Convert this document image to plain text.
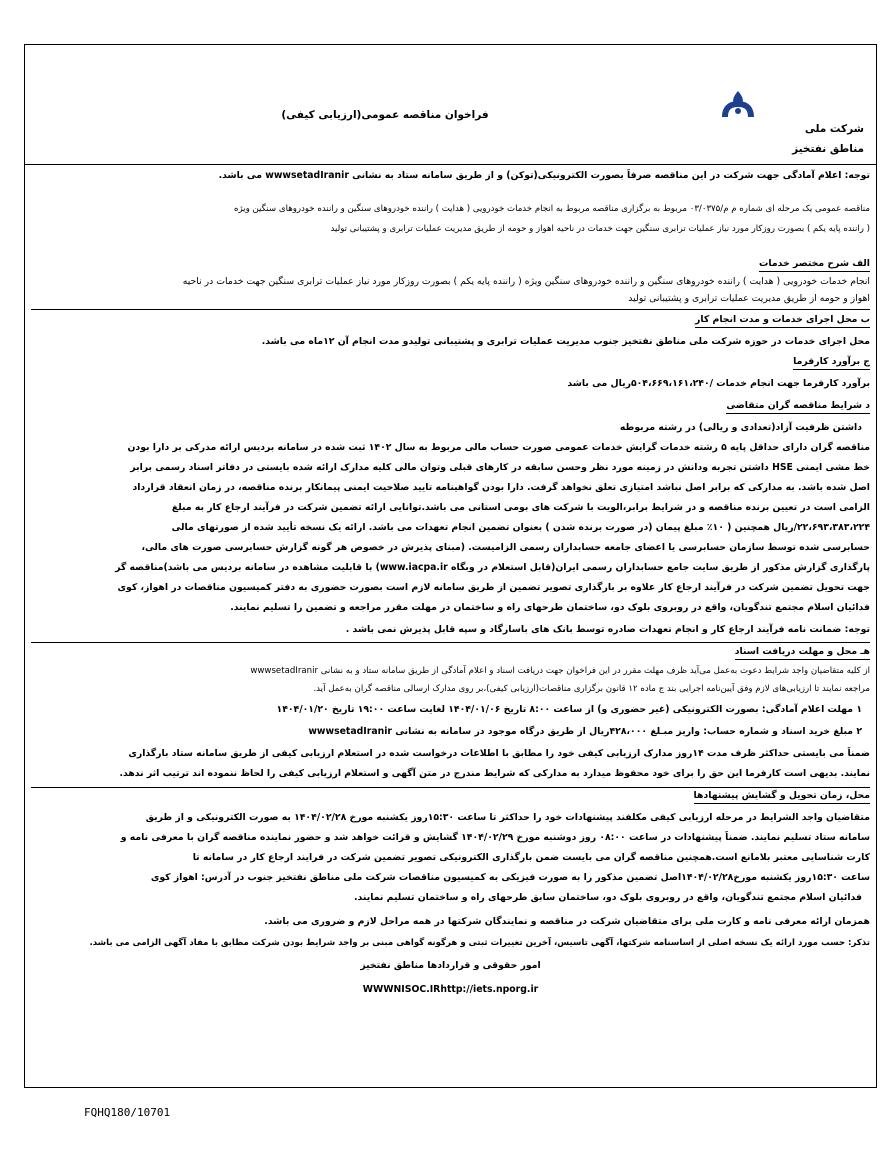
شرکت ملی
مناطق نفتخیز
فراخوان مناقصه عمومی(ارزیابی کیفی)
توجه: اعلام آمادگی جهت شرکت در این مناقصه صرفاً بصورت الکترونیکی(توکن) و از طریق سامانه ستاد به نشانی wwwsetadIranir می باشد.
مناقصه عمومی یک مرحله ای شماره م م/۰۳/۰۳۷۵ مربوط به برگزاری مناقصه مربوط به انجام خدمات خودرویی ( هدایت ) راننده خودروهای سنگین و راننده خودروهای سنگین ویژه
( راننده پایه یکم ) بصورت روزکار مورد نیاز عملیات ترابری سنگین جهت خدمات در ناحیه اهواز و حومه از طریق مدیریت عملیات ترابری و پشتیبانی تولید
الف شرح مختصر خدمات
انجام خدمات خودرویی ( هدایت ) راننده خودروهای سنگین و راننده خودروهای سنگین ویژه ( راننده پایه یکم ) بصورت روزکار مورد نیاز عملیات ترابری سنگین جهت خدمات در ناحیه
اهواز و حومه از طریق مدیریت عملیات ترابری و پشتیبانی تولید
ب محل اجرای خدمات و مدت انجام کار
محل اجرای خدمات در حوزه شرکت ملی مناطق نفتخیز جنوب مدیریت عملیات ترابری و پشتیبانی تولیدو مدت انجام آن ۱۲ماه می باشد.
ج برآورد کارفرما
برآورد کارفرما جهت انجام خدمات /۵۰۴،۶۶۹،۱۶۱،۲۴۰ریال می باشد
د شرایط مناقصه گران متقاضی
داشتن ظرفیت آزاد(تعدادی و ریالی) در رشته مربوطه
مناقصه گران دارای حداقل پایه ۵ رشته خدمات گرایش خدمات عمومی صورت حساب مالی مربوط به سال ۱۴۰۲ ثبت شده در سامانه بردیس ارائه مدرکی بر دارا بودن
خط مشی ایمنی HSE داشتن تجربه ودانش در زمینه مورد نظر وحسن سابقه در کارهای قبلی وتوان مالی کلیه مدارک ارائه شده بایستی در دفاتر اسناد رسمی برابر
اصل شده باشد. به مدارکی که برابر اصل نباشد امتیازی تعلق نخواهد گرفت. دارا بودن گواهینامه تایید صلاحیت ایمنی پیمانکار برنده مناقصه، در زمان انعقاد قرارداد
الزامی است در تعیین برنده مناقصه و در شرایط برابر،الویت با شرکت های بومی استانی می باشد.توانایی ارائه تضمین شرکت در فرآیند ارجاع کار به مبلغ
۲۲،۶۹۳،۳۸۳،۲۲۴/ریال همچنین ( ۱۰٪ مبلغ پیمان (در صورت برنده شدن ) بعنوان تضمین انجام تعهدات می باشد. ارائه یک نسخه تأیید شده از صورتهای مالی
حسابرسی شده توسط سازمان حسابرسی یا اعضای جامعه حسابداران رسمی الزامیست. (مبنای پذیرش در خصوص هر گونه گزارش حسابرسی صورت های مالی،
پارگذاری گزارش مذکور از طریق سایت جامع حسابداران رسمی ایران(قابل استعلام در وبگاه www.iacpa.ir) با قابلیت مشاهده در سامانه بردیس می باشد)مناقصه گر
جهت تحویل تضمین شرکت در فرآیند ارجاع کار علاوه بر بارگذاری تصویر تضمین از طریق سامانه لازم است بصورت حضوری به دفتر کمیسیون مناقصات در اهواز، کوی
فدائیان اسلام مجتمع تندگویان، واقع در روبروی بلوک دو، ساختمان طرحهای راه و ساختمان در مهلت مقرر مراجعه و تضمین را تسلیم نمایند.
توجه: ضمانت نامه فرآیند ارجاع کار و انجام تعهدات صادره توسط بانک های باسارگاد و سپه قابل پذیرش نمی باشد .
هـ محل و مهلت دریافت اسناد
از کلیه متقاضیان واجد شرایط دعوت به‌عمل می‌آید ظرف مهلت مقرر در این فراخوان جهت دریافت اسناد و اعلام آمادگی از طریق سامانه ستاد و به نشانی wwwsetadIranir
مراجعه نمایند تا ارزیابی‌های لازم وفق آیین‌نامه اجرایی بند ج ماده ۱۲ قانون برگزاری مناقصات(ارزیابی کیفی)،بر روی مدارک ارسالی مناقصه گران به‌عمل آید.
۱ مهلت اعلام آمادگی: بصورت الکترونیکی (غیر حضوری و) از ساعت ۸:۰۰ تاریخ ۱۴۰۴/۰۱/۰۶ لغایت ساعت ۱۹:۰۰ تاریخ ۱۴۰۴/۰۱/۲۰
۲ مبلغ خرید اسناد و شماره حساب: واریز مبـلغ ۴۲۸،۰۰۰ریال از طریق درگاه موجود در سامانه به نشانی wwwsetadIranir
ضمناً می بایستی حداکثر ظرف مدت ۱۴روز مدارک ارزیابی کیفی خود را مطابق با اطلاعات درخواست شده در استعلام ارزیابی کیفی از طریق سامانه ستاد بارگذاری
نمایند. بدیهی است کارفرما این حق را برای خود محفوظ میدارد به مدارکی که شرایط مندرج در متن آگهی و استعلام ارزیابی کیفی را لحاظ ننموده اند ترتیب اثر ندهد.
محل، زمان تحویل و گشایش پیشنهادها
متقاضیان واجد الشرایط در مرحله ارزیابی کیفی مکلفند پیشنهادات خود را حداکثر تا ساعت ۱۵:۳۰روز یکشنبه مورخ ۱۴۰۴/۰۲/۲۸ به صورت الکترونیکی و از طریق
سامانه ستاد تسلیم نمایند. ضمناً پیشنهادات در ساعت ۰۸:۰۰ روز دوشنبه مورخ ۱۴۰۴/۰۲/۲۹ گشایش و قرائت خواهد شد و حضور نماینده مناقصه گران با معرفی نامه و
کارت شناسایی معتبر بلامانع است.همچنین مناقصه گران می بایست ضمن بارگذاری الکترونیکی تصویر تضمین شرکت در فرایند ارجاع کار در سامانه تا
ساعت ۱۵:۳۰روز یکشنبه مورخ۱۴۰۴/۰۲/۲۸اصل تضمین مذکور را به صورت فیزیکی به کمیسیون مناقصات شرکت ملی مناطق نفتخیز جنوب در آدرس: اهواز کوی
فدائیان اسلام مجتمع تندگویان، واقع در روبروی بلوک دو، ساختمان سابق طرحهای راه و ساختمان تسلیم نمایند.
همزمان ارائه معرفی نامه و کارت ملی برای متقاضیان شرکت در مناقصه و نمایندگان شرکتها در همه مراحل لازم و ضروری می باشد.
تذکر: حسب مورد ارائه یک نسخه اصلی از اساسنامه شرکتها، آگهی تاسیس، آخرین تغییرات ثبتی و هرگونه گواهی مبنی بر واجد شرایط بودن شرکت مطابق با مفاد آگهی الزامی می باشد.
امور حقوقی و قراردادها مناطق نفتخیز
WWWNISOC.IRhttp://iets.nporg.ir
FQHQ180/10701
